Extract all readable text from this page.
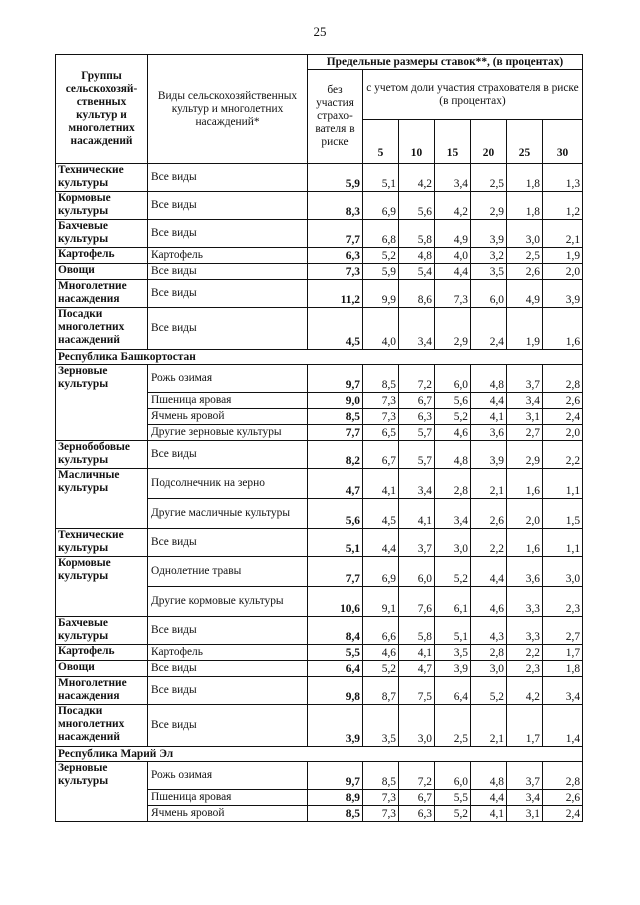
25
Группы сельскохозяй-ственных культур и многолетних насаждений	Виды сельскохозяйственных культур и многолетних насаждений*	Предельные размеры ставок**, (в процентах)						
		без участия страхо-вателя в риске	с учетом доли участия страхователя в риске (в процентах)					
			5	10	15	20	25	30
Технические культуры	Все виды	5,9	5,1	4,2	3,4	2,5	1,8	1,3
Кормовые культуры	Все виды	8,3	6,9	5,6	4,2	2,9	1,8	1,2
Бахчевые культуры	Все виды	7,7	6,8	5,8	4,9	3,9	3,0	2,1
Картофель	Картофель	6,3	5,2	4,8	4,0	3,2	2,5	1,9
Овощи	Все виды	7,3	5,9	5,4	4,4	3,5	2,6	2,0
Многолетние насаждения	Все виды	11,2	9,9	8,6	7,3	6,0	4,9	3,9
Посадки многолетних насаждений	Все виды	4,5	4,0	3,4	2,9	2,4	1,9	1,6
Республика Башкортостан								
Зерновые культуры	Рожь озимая	9,7	8,5	7,2	6,0	4,8	3,7	2,8
	Пшеница яровая	9,0	7,3	6,7	5,6	4,4	3,4	2,6
	Ячмень яровой	8,5	7,3	6,3	5,2	4,1	3,1	2,4
	Другие зерновые культуры	7,7	6,5	5,7	4,6	3,6	2,7	2,0
Зернобобовые культуры	Все виды	8,2	6,7	5,7	4,8	3,9	2,9	2,2
Масличные культуры	Подсолнечник на зерно	4,7	4,1	3,4	2,8	2,1	1,6	1,1
	Другие масличные культуры	5,6	4,5	4,1	3,4	2,6	2,0	1,5
Технические культуры	Все виды	5,1	4,4	3,7	3,0	2,2	1,6	1,1
Кормовые культуры	Однолетние травы	7,7	6,9	6,0	5,2	4,4	3,6	3,0
	Другие кормовые культуры	10,6	9,1	7,6	6,1	4,6	3,3	2,3
Бахчевые культуры	Все виды	8,4	6,6	5,8	5,1	4,3	3,3	2,7
Картофель	Картофель	5,5	4,6	4,1	3,5	2,8	2,2	1,7
Овощи	Все виды	6,4	5,2	4,7	3,9	3,0	2,3	1,8
Многолетние насаждения	Все виды	9,8	8,7	7,5	6,4	5,2	4,2	3,4
Посадки многолетних насаждений	Все виды	3,9	3,5	3,0	2,5	2,1	1,7	1,4
Республика Марий Эл								
Зерновые культуры	Рожь озимая	9,7	8,5	7,2	6,0	4,8	3,7	2,8
	Пшеница яровая	8,9	7,3	6,7	5,5	4,4	3,4	2,6
	Ячмень яровой	8,5	7,3	6,3	5,2	4,1	3,1	2,4
